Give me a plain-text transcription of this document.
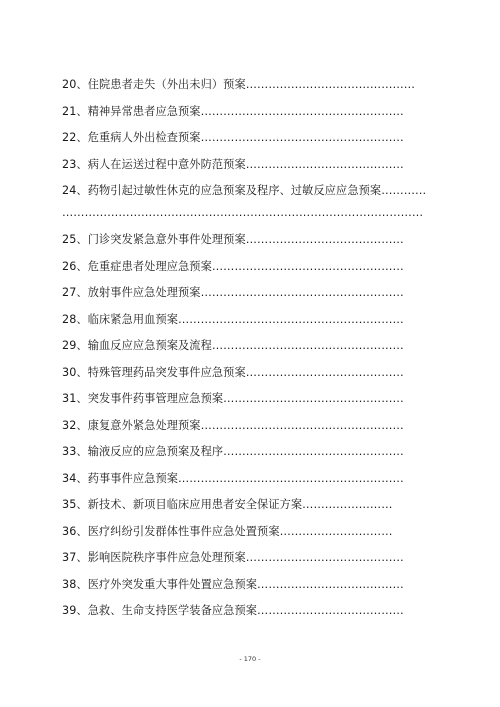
20、住院患者走失（外出未归）预案………………………………………
21、精神异常患者应急预案………………………………………………
22、危重病人外出检查预案………………………………………………
23、病人在运送过程中意外防范预案……………………………………
24、药物引起过敏性休克的应急预案及程序、过敏反应应急预案…………
……………………………………………………………………………………
25、门诊突发紧急意外事件处理预案……………………………………
26、危重症患者处理应急预案……………………………………………
27、放射事件应急处理预案………………………………………………
28、临床紧急用血预案……………………………………………………
29、输血反应应急预案及流程……………………………………………
30、特殊管理药品突发事件应急预案……………………………………
31、突发事件药事管理应急预案…………………………………………
32、康复意外紧急处理预案………………………………………………
33、输液反应的应急预案及程序…………………………………………
34、药事事件应急预案……………………………………………………
35、新技术、新项目临床应用患者安全保证方案……………………
36、医疗纠纷引发群体性事件应急处置预案…………………………
37、影响医院秩序事件应急处理预案……………………………………
38、医疗外突发重大事件处置应急预案…………………………………
39、急救、生命支持医学装备应急预案…………………………………
- 170 -
